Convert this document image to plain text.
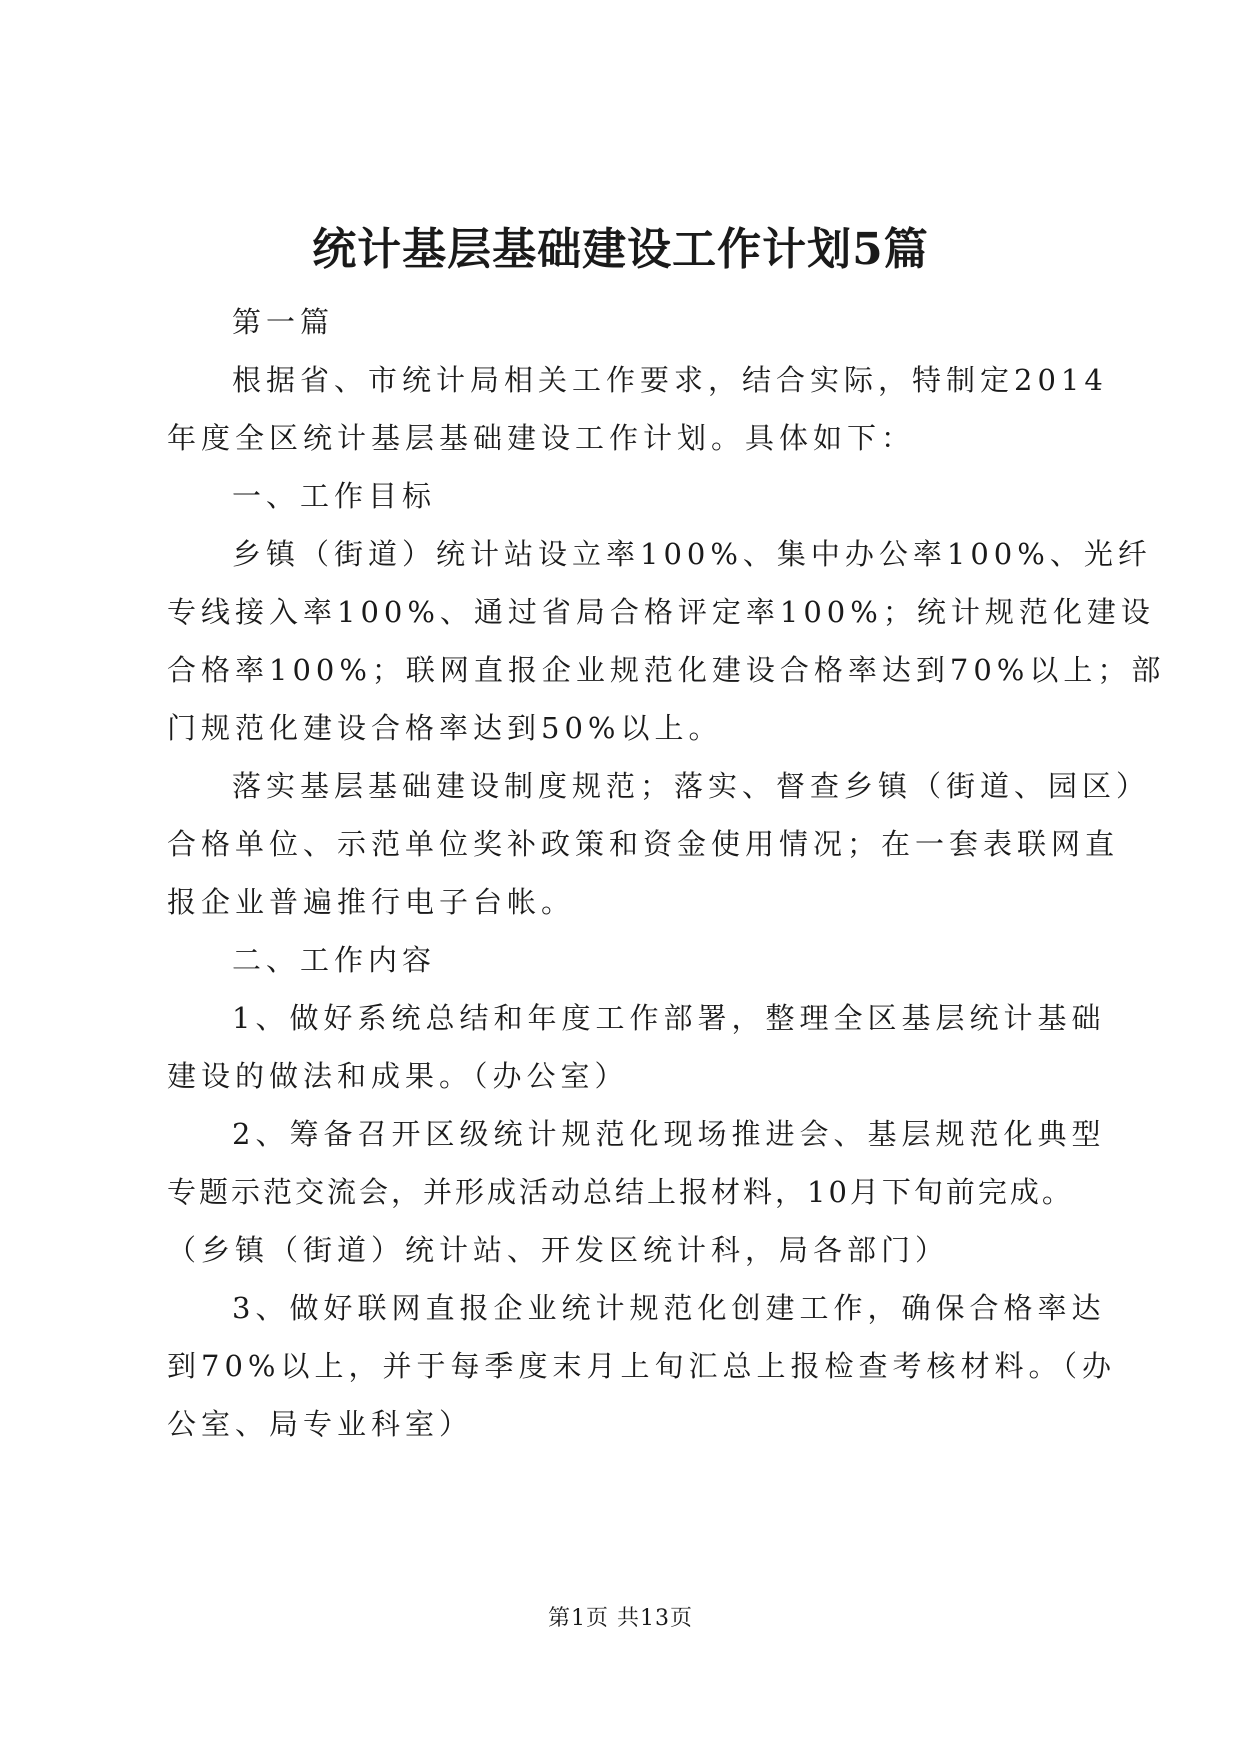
统计基层基础建设工作计划5篇

第一篇

根据省、市统计局相关工作要求，结合实际，特制定2014

年度全区统计基层基础建设工作计划。具体如下：

一、工作目标

乡镇（街道）统计站设立率100%、集中办公率100%、光纤

专线接入率100%、通过省局合格评定率100%；统计规范化建设

合格率100%；联网直报企业规范化建设合格率达到70%以上；部

门规范化建设合格率达到50%以上。

落实基层基础建设制度规范；落实、督查乡镇（街道、园区）

合格单位、示范单位奖补政策和资金使用情况；在一套表联网直

报企业普遍推行电子台帐。

二、工作内容

1、做好系统总结和年度工作部署，整理全区基层统计基础

建设的做法和成果。（办公室）

2、筹备召开区级统计规范化现场推进会、基层规范化典型

专题示范交流会，并形成活动总结上报材料，10月下旬前完成。

（乡镇（街道）统计站、开发区统计科，局各部门）

3、做好联网直报企业统计规范化创建工作，确保合格率达

到70%以上，并于每季度末月上旬汇总上报检查考核材料。（办

公室、局专业科室）

第1页 共13页
